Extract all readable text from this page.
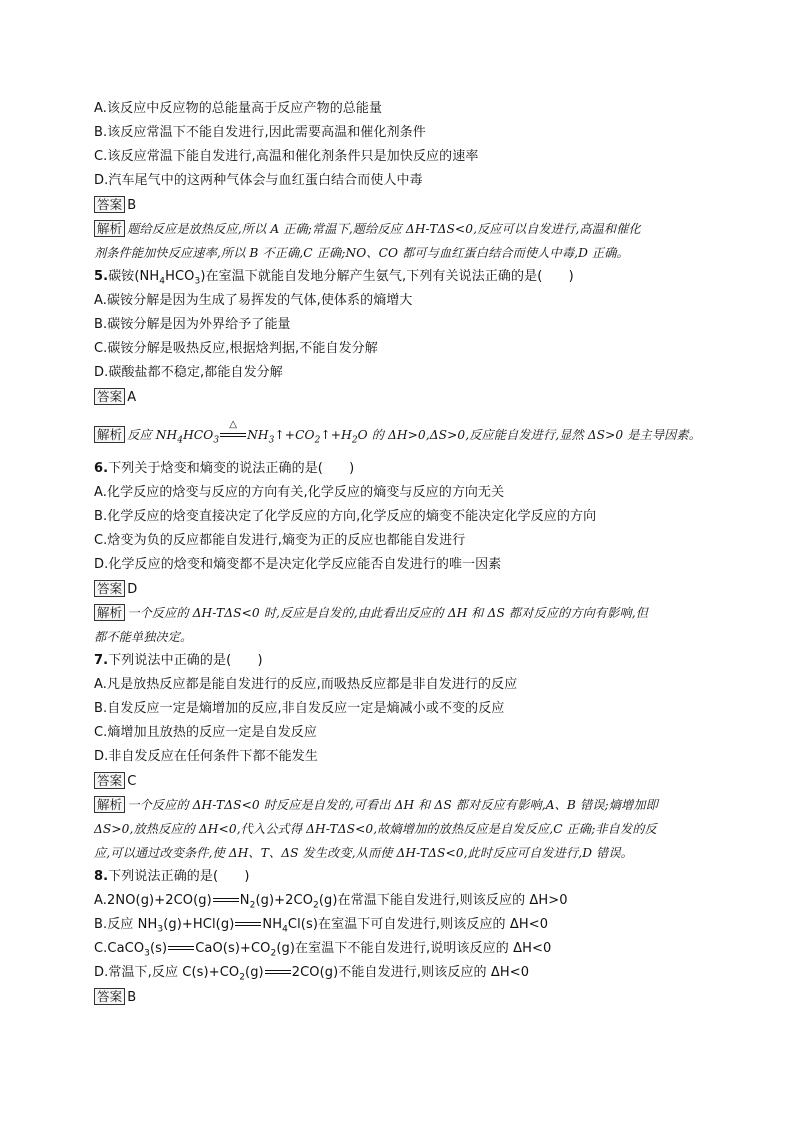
A.该反应中反应物的总能量高于反应产物的总能量
B.该反应常温下不能自发进行,因此需要高温和催化剂条件
C.该反应常温下能自发进行,高温和催化剂条件只是加快反应的速率
D.汽车尾气中的这两种气体会与血红蛋白结合而使人中毒
答案 B
解析 题给反应是放热反应,所以 A 正确;常温下,题给反应 ΔH-TΔS<0,反应可以自发进行,高温和催化
剂条件能加快反应速率,所以 B 不正确,C 正确;NO、CO 都可与血红蛋白结合而使人中毒,D 正确。
5.碳铵$(NH_4HCO_3)$在室温下就能自发地分解产生氨气,下列有关说法正确的是(　　)
A.碳铵分解是因为生成了易挥发的气体,使体系的熵增大
B.碳铵分解是因为外界给予了能量
C.碳铵分解是吸热反应,根据焓判据,不能自发分解
D.碳酸盐都不稳定,都能自发分解
答案 A
解析 反应 $NH_4HCO_3$
△
$NH_3↑+CO_2↑+H_2O$ 的 ΔH>0,ΔS>0,反应能自发进行,显然 ΔS>0 是主导因素。
6.下列关于焓变和熵变的说法正确的是(　　)
A.化学反应的焓变与反应的方向有关,化学反应的熵变与反应的方向无关
B.化学反应的焓变直接决定了化学反应的方向,化学反应的熵变不能决定化学反应的方向
C.焓变为负的反应都能自发进行,熵变为正的反应也都能自发进行
D.化学反应的焓变和熵变都不是决定化学反应能否自发进行的唯一因素
答案 D
解析 一个反应的 ΔH-TΔS<0 时,反应是自发的,由此看出反应的 ΔH 和 ΔS 都对反应的方向有影响,但
都不能单独决定。
7.下列说法中正确的是(　　)
A.凡是放热反应都是能自发进行的反应,而吸热反应都是非自发进行的反应
B.自发反应一定是熵增加的反应,非自发反应一定是熵减小或不变的反应
C.熵增加且放热的反应一定是自发反应
D.非自发反应在任何条件下都不能发生
答案 C
解析 一个反应的 ΔH-TΔS<0 时反应是自发的,可看出 ΔH 和 ΔS 都对反应有影响,A、B 错误;熵增加即
ΔS>0,放热反应的 ΔH<0,代入公式得 ΔH-TΔS<0,故熵增加的放热反应是自发反应,C 正确;非自发的反
应,可以通过改变条件,使 ΔH、T、ΔS 发生改变,从而使 ΔH-TΔS<0,此时反应可自发进行,D 错误。
8.下列说法正确的是(　　)
A.2NO(g)+2CO(g) $N_2(g)+2CO_2(g)$在常温下能自发进行,则该反应的 ΔH>0
B.反应 $NH_3(g)+HCl(g)$ $NH_4Cl(s)$在室温下可自发进行,则该反应的 ΔH<0
C.CaCO$_3$(s) $CaO(s)+CO_2(g)$在室温下不能自发进行,说明该反应的 ΔH<0
D.常温下,反应 $C(s)+CO_2(g)$ 2CO(g)不能自发进行,则该反应的 ΔH<0
答案 B
